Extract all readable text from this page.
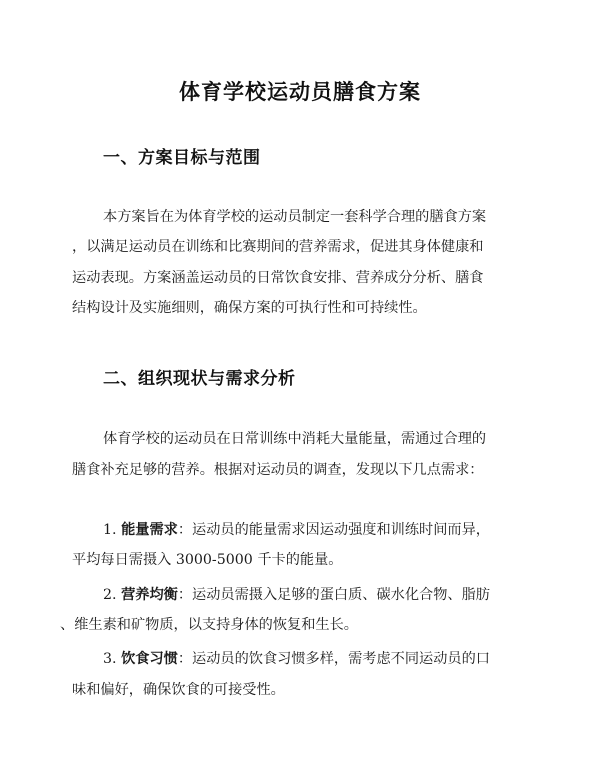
体育学校运动员膳食方案
一、方案目标与范围
本方案旨在为体育学校的运动员制定一套科学合理的膳食方案
，以满足运动员在训练和比赛期间的营养需求，促进其身体健康和
运动表现。方案涵盖运动员的日常饮食安排、营养成分分析、膳食
结构设计及实施细则，确保方案的可执行性和可持续性。
二、组织现状与需求分析
体育学校的运动员在日常训练中消耗大量能量，需通过合理的
膳食补充足够的营养。根据对运动员的调查，发现以下几点需求：
1. 能量需求：运动员的能量需求因运动强度和训练时间而异，
平均每日需摄入 3000-5000 千卡的能量。
2. 营养均衡：运动员需摄入足够的蛋白质、碳水化合物、脂肪
、维生素和矿物质，以支持身体的恢复和生长。
3. 饮食习惯：运动员的饮食习惯多样，需考虑不同运动员的口
味和偏好，确保饮食的可接受性。
